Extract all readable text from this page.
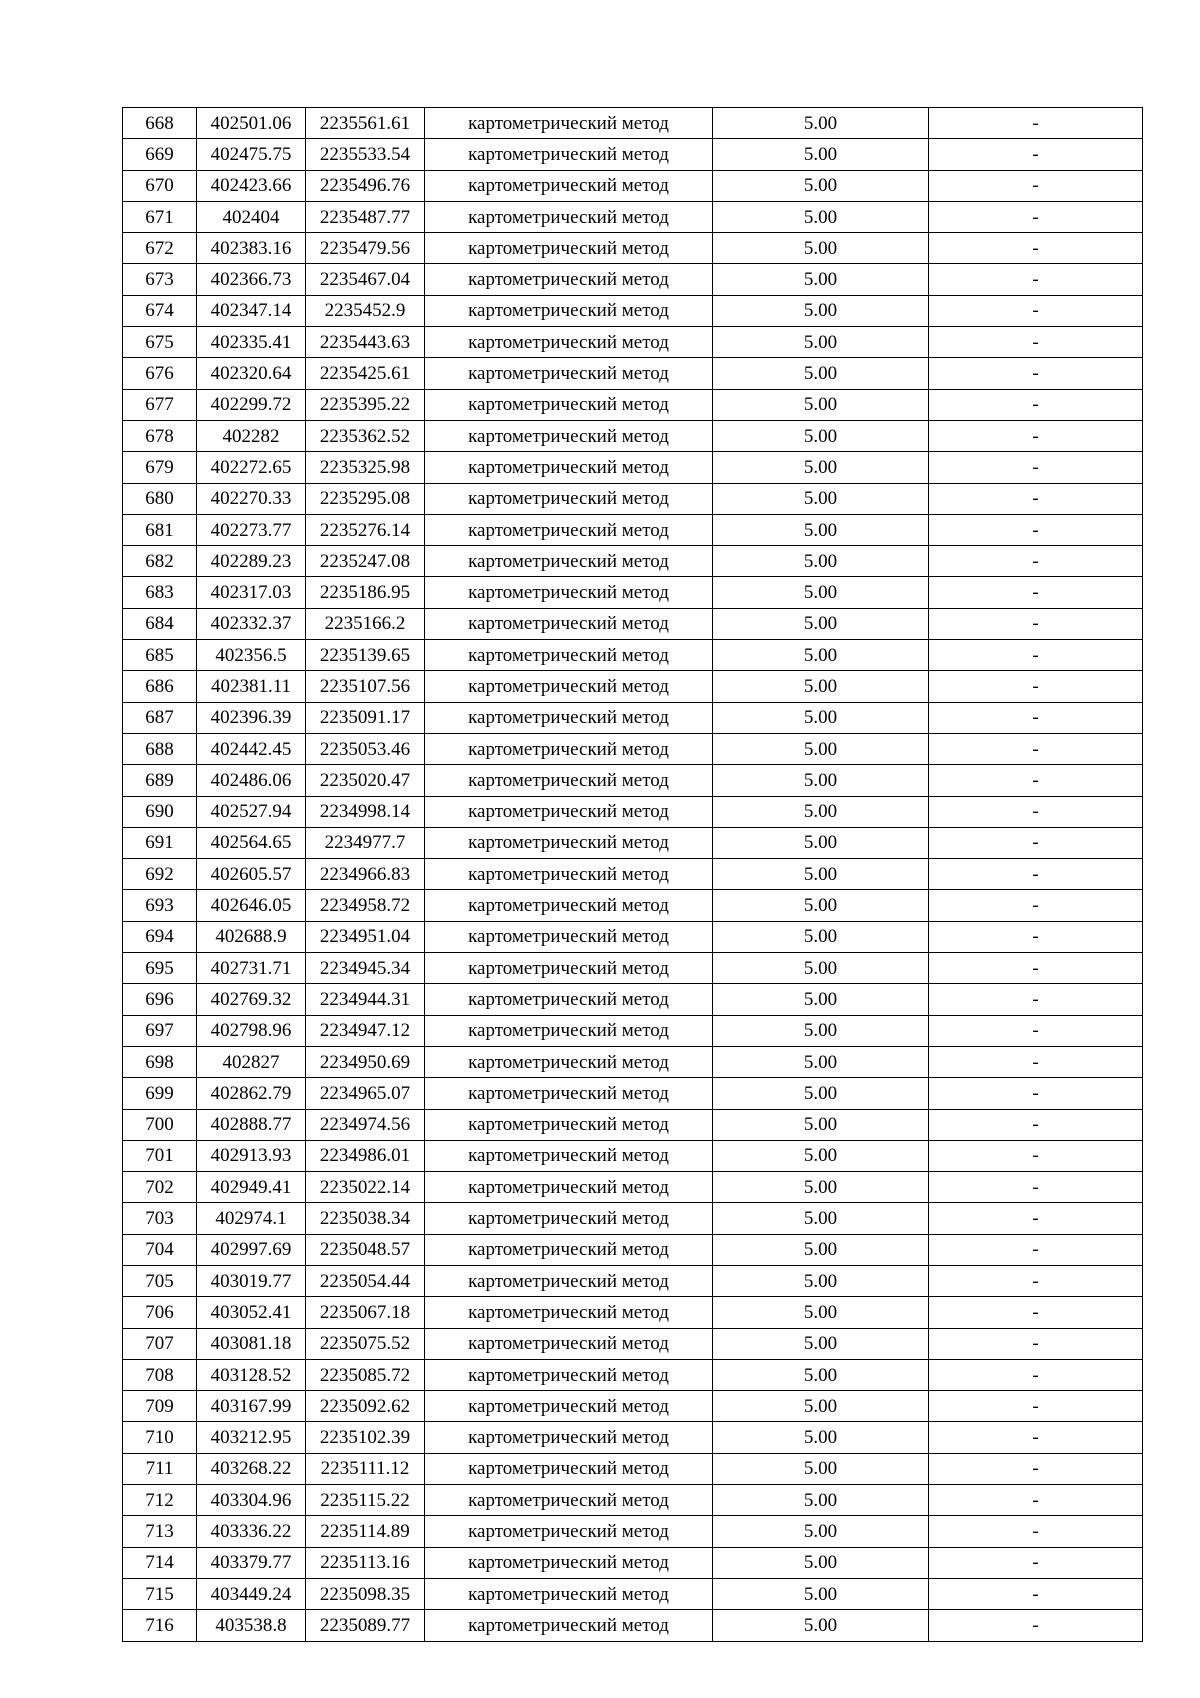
668	402501.06	2235561.61	картометрический метод	5.00	-
669	402475.75	2235533.54	картометрический метод	5.00	-
670	402423.66	2235496.76	картометрический метод	5.00	-
671	402404	2235487.77	картометрический метод	5.00	-
672	402383.16	2235479.56	картометрический метод	5.00	-
673	402366.73	2235467.04	картометрический метод	5.00	-
674	402347.14	2235452.9	картометрический метод	5.00	-
675	402335.41	2235443.63	картометрический метод	5.00	-
676	402320.64	2235425.61	картометрический метод	5.00	-
677	402299.72	2235395.22	картометрический метод	5.00	-
678	402282	2235362.52	картометрический метод	5.00	-
679	402272.65	2235325.98	картометрический метод	5.00	-
680	402270.33	2235295.08	картометрический метод	5.00	-
681	402273.77	2235276.14	картометрический метод	5.00	-
682	402289.23	2235247.08	картометрический метод	5.00	-
683	402317.03	2235186.95	картометрический метод	5.00	-
684	402332.37	2235166.2	картометрический метод	5.00	-
685	402356.5	2235139.65	картометрический метод	5.00	-
686	402381.11	2235107.56	картометрический метод	5.00	-
687	402396.39	2235091.17	картометрический метод	5.00	-
688	402442.45	2235053.46	картометрический метод	5.00	-
689	402486.06	2235020.47	картометрический метод	5.00	-
690	402527.94	2234998.14	картометрический метод	5.00	-
691	402564.65	2234977.7	картометрический метод	5.00	-
692	402605.57	2234966.83	картометрический метод	5.00	-
693	402646.05	2234958.72	картометрический метод	5.00	-
694	402688.9	2234951.04	картометрический метод	5.00	-
695	402731.71	2234945.34	картометрический метод	5.00	-
696	402769.32	2234944.31	картометрический метод	5.00	-
697	402798.96	2234947.12	картометрический метод	5.00	-
698	402827	2234950.69	картометрический метод	5.00	-
699	402862.79	2234965.07	картометрический метод	5.00	-
700	402888.77	2234974.56	картометрический метод	5.00	-
701	402913.93	2234986.01	картометрический метод	5.00	-
702	402949.41	2235022.14	картометрический метод	5.00	-
703	402974.1	2235038.34	картометрический метод	5.00	-
704	402997.69	2235048.57	картометрический метод	5.00	-
705	403019.77	2235054.44	картометрический метод	5.00	-
706	403052.41	2235067.18	картометрический метод	5.00	-
707	403081.18	2235075.52	картометрический метод	5.00	-
708	403128.52	2235085.72	картометрический метод	5.00	-
709	403167.99	2235092.62	картометрический метод	5.00	-
710	403212.95	2235102.39	картометрический метод	5.00	-
711	403268.22	2235111.12	картометрический метод	5.00	-
712	403304.96	2235115.22	картометрический метод	5.00	-
713	403336.22	2235114.89	картометрический метод	5.00	-
714	403379.77	2235113.16	картометрический метод	5.00	-
715	403449.24	2235098.35	картометрический метод	5.00	-
716	403538.8	2235089.77	картометрический метод	5.00	-
